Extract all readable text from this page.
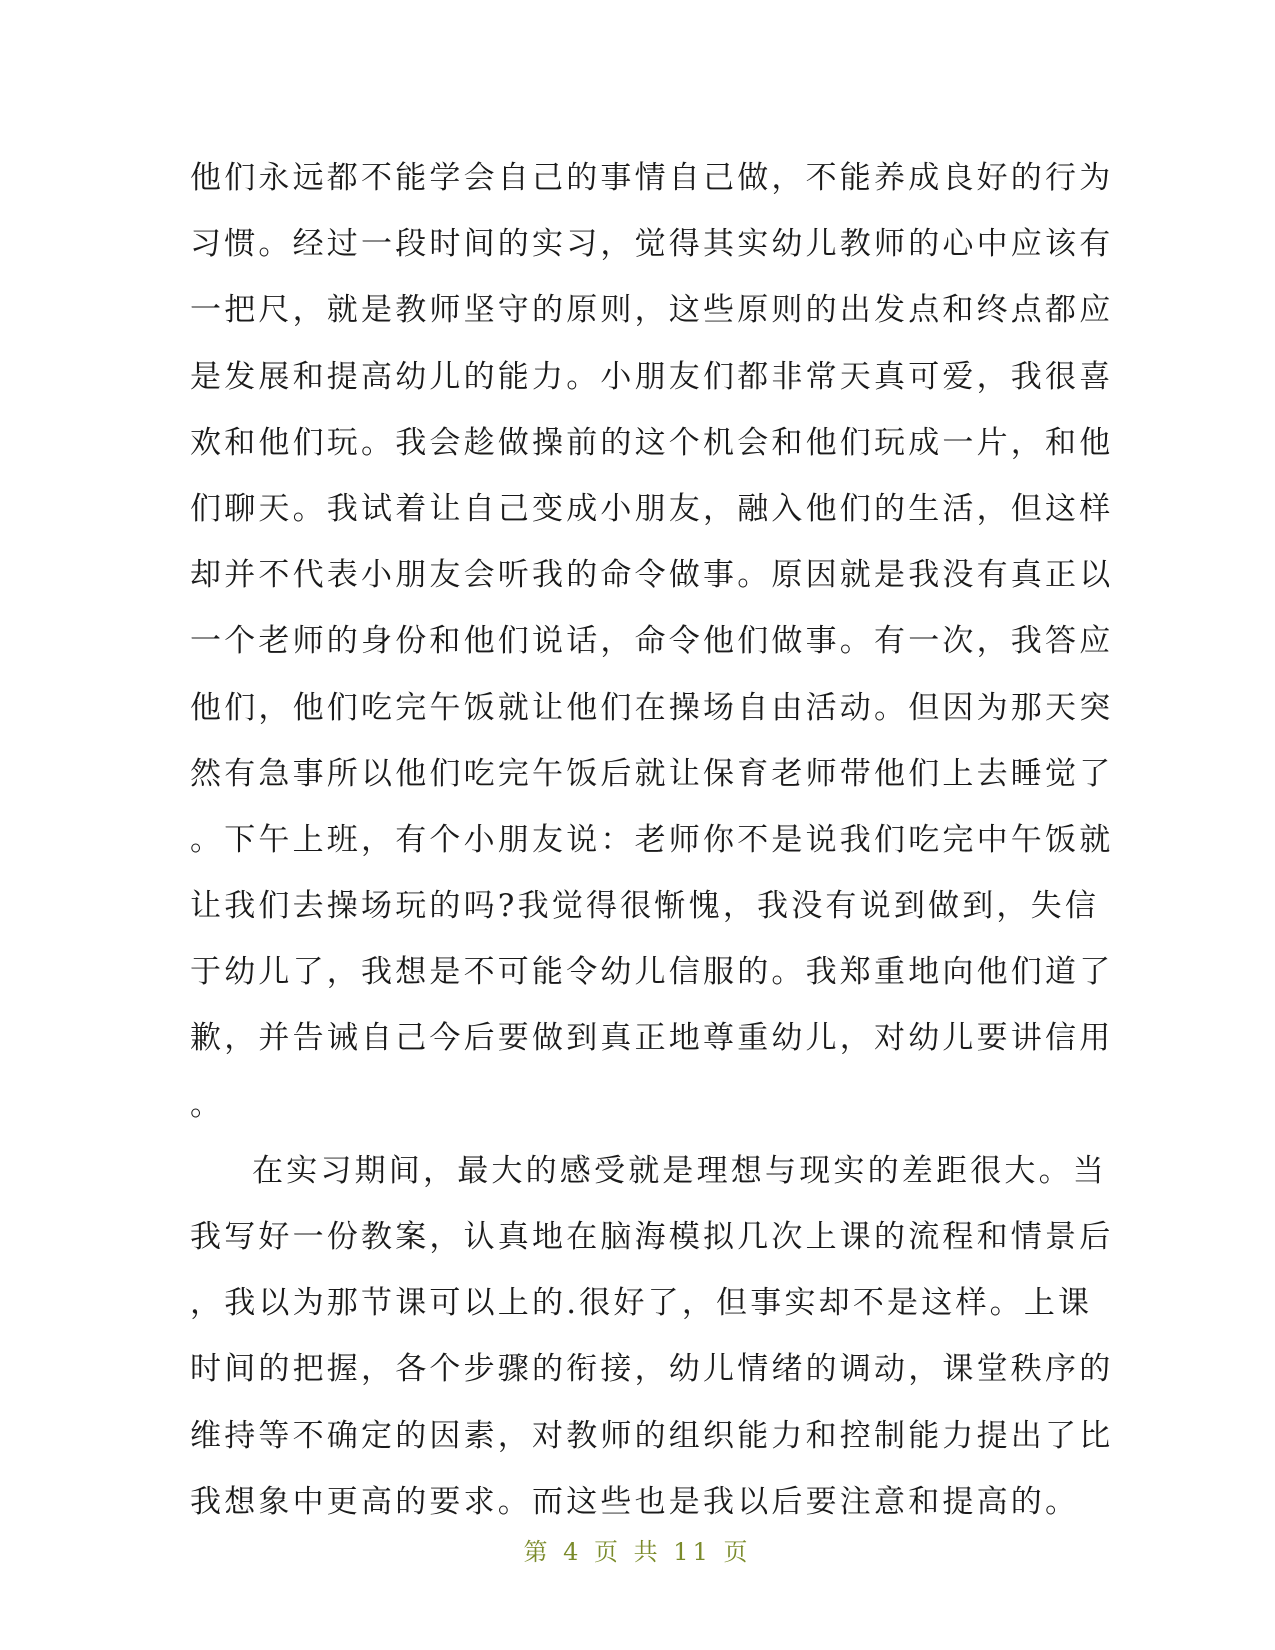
他们永远都不能学会自己的事情自己做，不能养成良好的行为
习惯。经过一段时间的实习，觉得其实幼儿教师的心中应该有
一把尺，就是教师坚守的原则，这些原则的出发点和终点都应
是发展和提高幼儿的能力。小朋友们都非常天真可爱，我很喜
欢和他们玩。我会趁做操前的这个机会和他们玩成一片，和他
们聊天。我试着让自己变成小朋友，融入他们的生活，但这样
却并不代表小朋友会听我的命令做事。原因就是我没有真正以
一个老师的身份和他们说话，命令他们做事。有一次，我答应
他们，他们吃完午饭就让他们在操场自由活动。但因为那天突
然有急事所以他们吃完午饭后就让保育老师带他们上去睡觉了
。下午上班，有个小朋友说：老师你不是说我们吃完中午饭就
让我们去操场玩的吗?我觉得很惭愧，我没有说到做到，失信
于幼儿了，我想是不可能令幼儿信服的。我郑重地向他们道了
歉，并告诫自己今后要做到真正地尊重幼儿，对幼儿要讲信用
。
在实习期间，最大的感受就是理想与现实的差距很大。当
我写好一份教案，认真地在脑海模拟几次上课的流程和情景后
，我以为那节课可以上的.很好了，但事实却不是这样。上课
时间的把握，各个步骤的衔接，幼儿情绪的调动，课堂秩序的
维持等不确定的因素，对教师的组织能力和控制能力提出了比
我想象中更高的要求。而这些也是我以后要注意和提高的。
第 4 页 共 11 页
